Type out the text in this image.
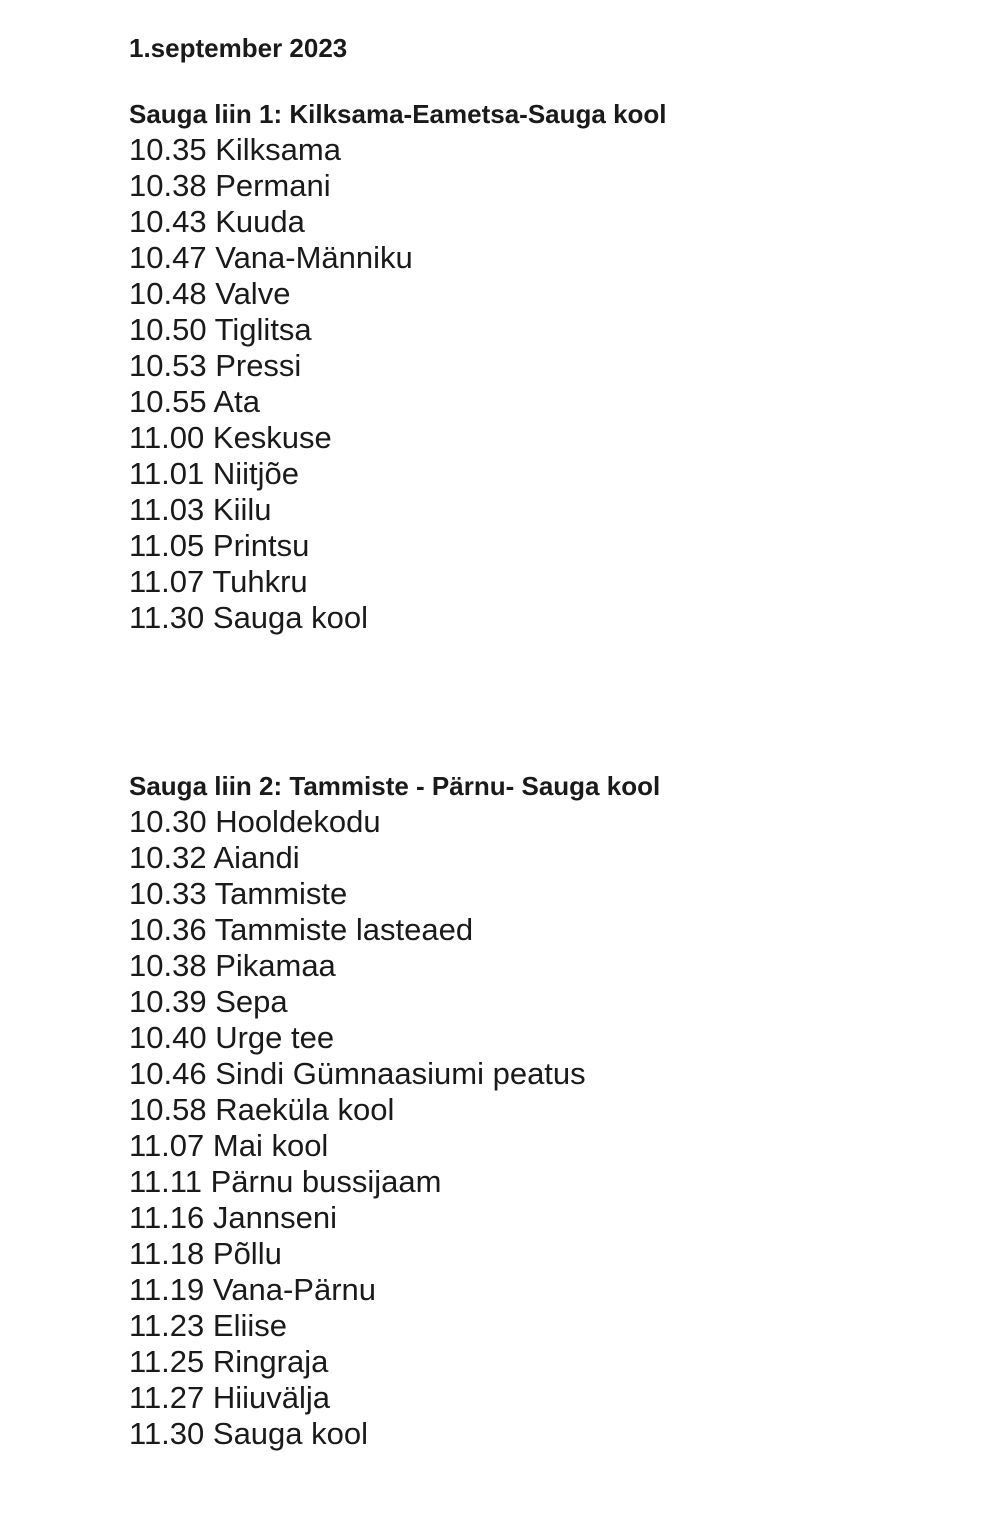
1.september 2023
Sauga liin 1: Kilksama-Eametsa-Sauga kool
10.35 Kilksama
10.38 Permani
10.43 Kuuda
10.47 Vana-Männiku
10.48 Valve
10.50 Tiglitsa
10.53 Pressi
10.55 Ata
11.00 Keskuse
11.01 Niitjõe
11.03 Kiilu
11.05 Printsu
11.07 Tuhkru
11.30 Sauga kool
Sauga liin 2: Tammiste - Pärnu- Sauga kool
10.30 Hooldekodu
10.32 Aiandi
10.33 Tammiste
10.36 Tammiste lasteaed
10.38 Pikamaa
10.39 Sepa
10.40 Urge tee
10.46 Sindi Gümnaasiumi peatus
10.58 Raeküla kool
11.07 Mai kool
11.11 Pärnu bussijaam
11.16 Jannseni
11.18 Põllu
11.19 Vana-Pärnu
11.23 Eliise
11.25 Ringraja
11.27 Hiiuvälja
11.30 Sauga kool
